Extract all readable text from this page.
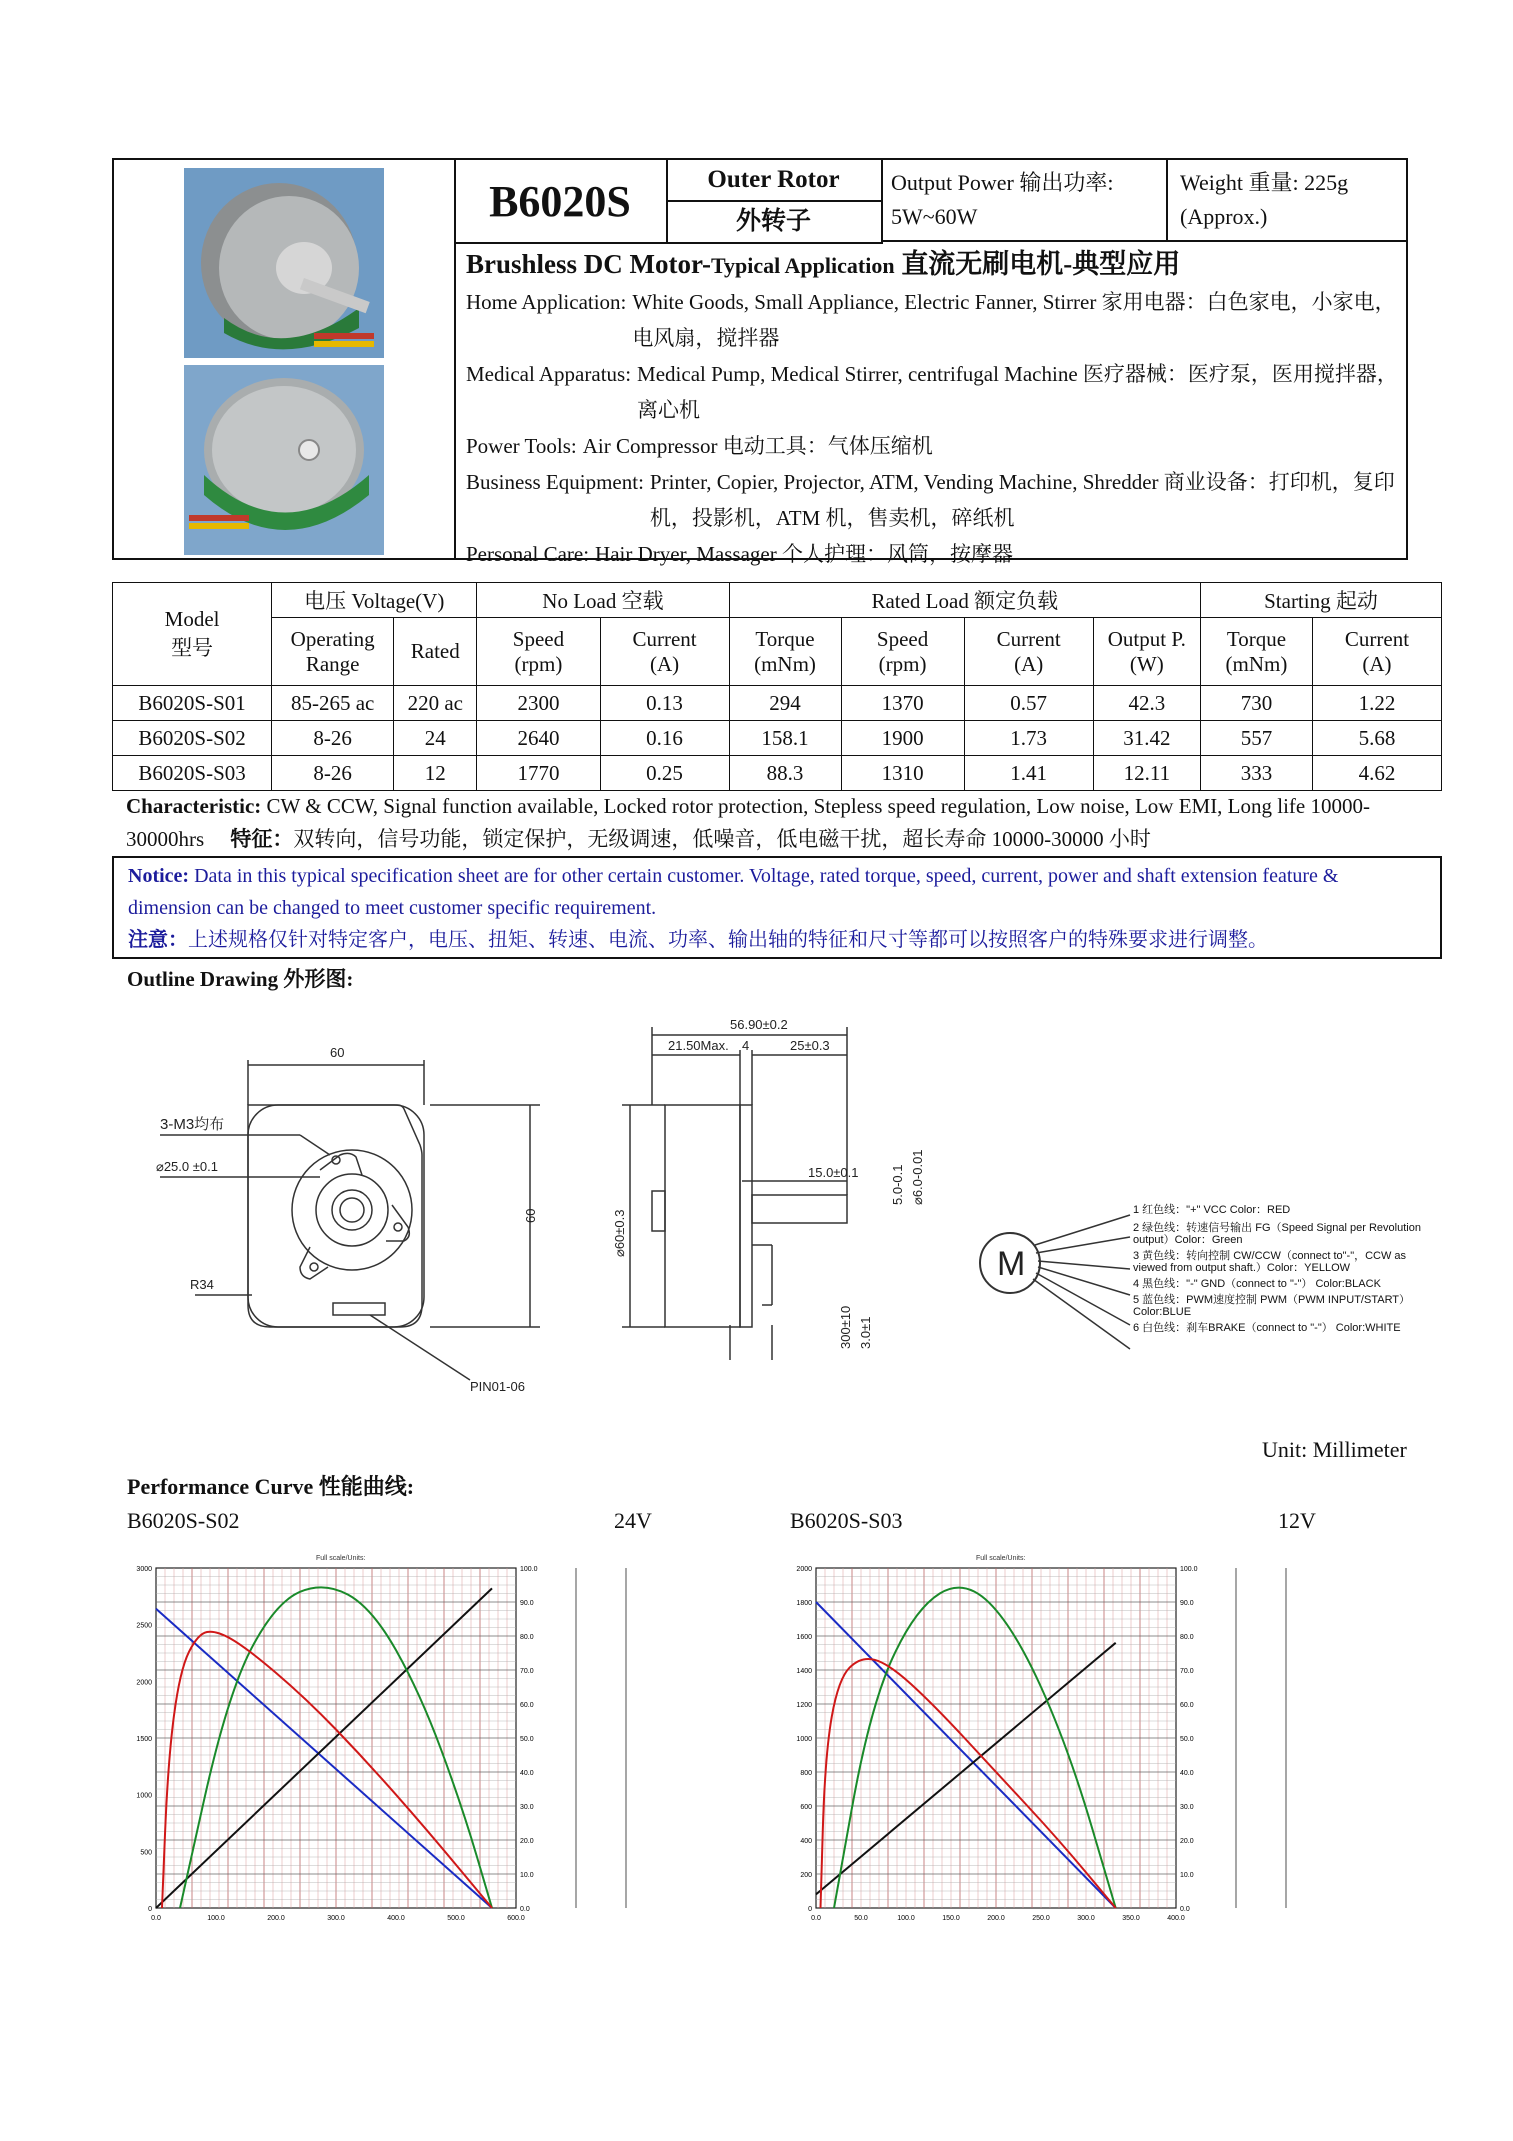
B6020S	Outer Rotor
外转子
Output Power 输出功率: 5W~60W
Weight 重量: 225g (Approx.)
Brushless DC Motor-Typical Application 直流无刷电机-典型应用
Home Application: White Goods, Small Appliance, Electric Fanner, Stirrer 家用电器：白色家电，小家电，电风扇，搅拌器
Medical Apparatus: Medical Pump, Medical Stirrer, centrifugal Machine 医疗器械：医疗泵，医用搅拌器，离心机
Power Tools: Air Compressor 电动工具：气体压缩机
Business Equipment: Printer, Copier, Projector, ATM, Vending Machine, Shredder 商业设备：打印机，复印机，投影机，ATM 机，售卖机，碎纸机
Personal Care: Hair Dryer, Massager 个人护理：风筒，按摩器
Model
型号	电压 Voltage(V)		No Load 空载		Rated Load 额定负载				Starting 起动	
	Operating Range	Rated	Speed (rpm)	Current (A)	Torque (mNm)	Speed (rpm)	Current (A)	Output P. (W)	Torque (mNm)	Current (A)
B6020S-S01	85-265 ac	220 ac	2300	0.13	294	1370	0.57	42.3	730	1.22
B6020S-S02	8-26	24	2640	0.16	158.1	1900	1.73	31.42	557	5.68
B6020S-S03	8-26	12	1770	0.25	88.3	1310	1.41	12.11	333	4.62
Characteristic: CW & CCW, Signal function available, Locked rotor protection, Stepless speed regulation, Low noise, Low EMI, Long life 10000-30000hrs 特征：双转向，信号功能，锁定保护，无级调速，低噪音，低电磁干扰，超长寿命 10000-30000 小时
Notice: Data in this typical specification sheet are for other certain customer. Voltage, rated torque, speed, current, power and shaft extension feature & dimension can be changed to meet customer specific requirement.
注意：上述规格仅针对特定客户，电压、扭矩、转速、电流、功率、输出轴的特征和尺寸等都可以按照客户的特殊要求进行调整。
Outline Drawing 外形图:
60
60
3-M3均布
⌀25.0 ±0.1
R34
PIN01-06
56.90±0.2
21.50Max. 4	25±0.3
15.0±0.1	⌀6.0-0.01
5.0-0.1
⌀60±0.3
300±10 3.0±1
M
1 红色线："+" VCC Color：RED
2 绿色线：转速信号输出 FG（Speed Signal per Revolution output）Color：Green
3 黄色线：转向控制 CW/CCW（connect to"-"，CCW as viewed from output shaft.）Color：YELLOW
4 黑色线："-" GND（connect to "-"） Color:BLACK
5 蓝色线：PWM速度控制 PWM（PWM INPUT/START） Color:BLUE
6 白色线：刹车BRAKE（connect to "-"） Color:WHITE
Unit: Millimeter
Performance Curve 性能曲线:
B6020S-S02	24V	B6020S-S03	12V
Full scale/Units:
0
500
1000
1500
2000
2500
3000
0.0	100.0	200.0	300.0	400.0	500.0	600.0
0.0
10.0
20.0
30.0
40.0
50.0
60.0
70.0
80.0
90.0
100.0
Full scale/Units:
0
200
400
600
800
1000
1200
1400
1600
1800
2000
0.0	50.0	100.0	150.0	200.0	250.0	300.0	350.0	400.0
0.0
10.0
20.0
30.0
40.0
50.0
60.0
70.0
80.0
90.0
100.0
